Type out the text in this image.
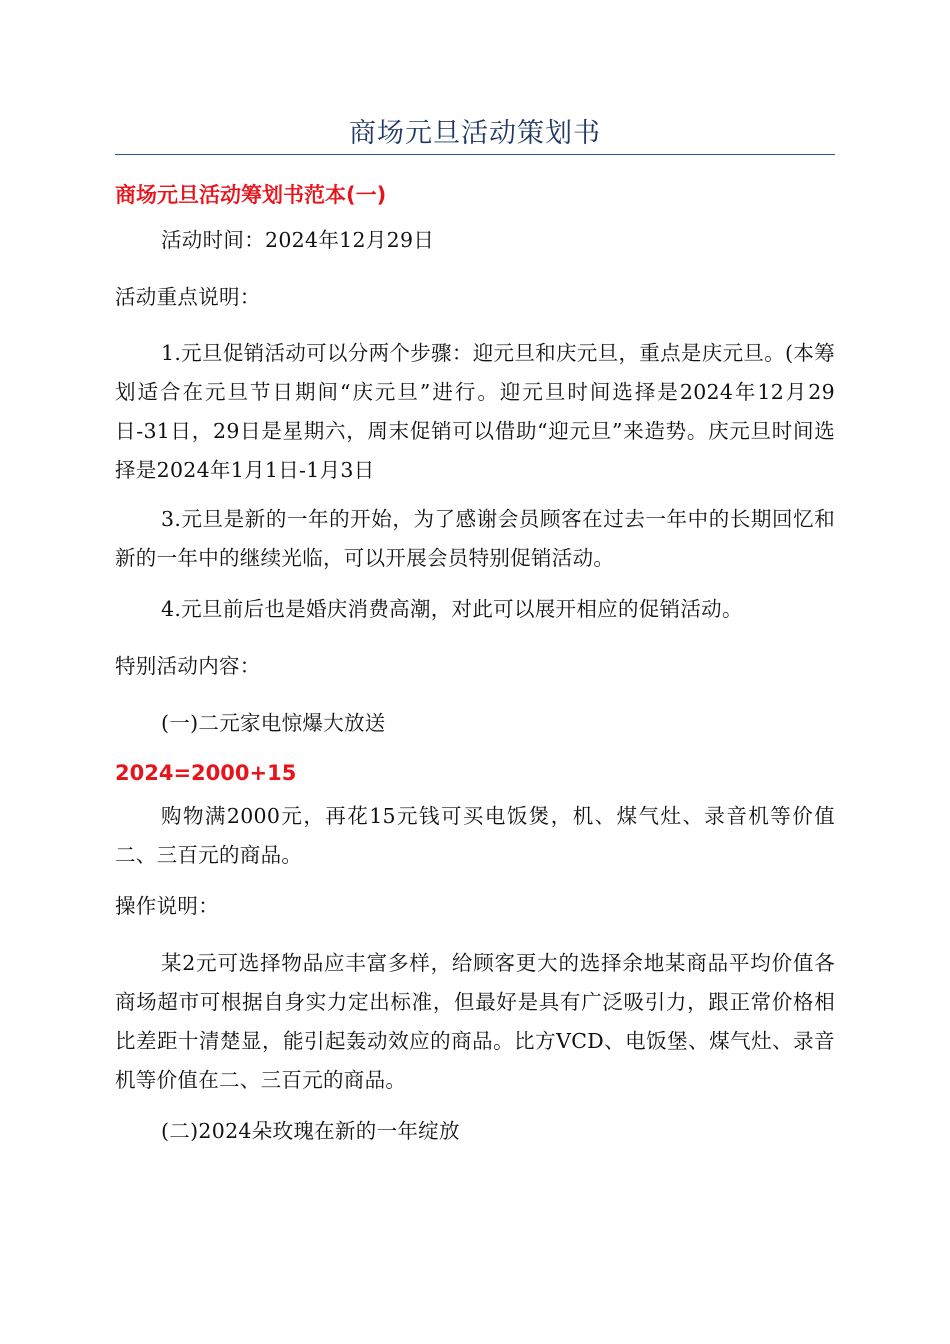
商场元旦活动策划书
商场元旦活动筹划书范本(一)
活动时间：2024年12月29日
活动重点说明：
1.元旦促销活动可以分两个步骤：迎元旦和庆元旦，重点是庆元旦。(本筹划适合在元旦节日期间“庆元旦”进行。迎元旦时间选择是2024年12月29日-31日，29日是星期六，周末促销可以借助“迎元旦”来造势。庆元旦时间选择是2024年1月1日-1月3日
3.元旦是新的一年的开始，为了感谢会员顾客在过去一年中的长期回忆和新的一年中的继续光临，可以开展会员特别促销活动。
4.元旦前后也是婚庆消费高潮，对此可以展开相应的促销活动。
特别活动内容：
(一)二元家电惊爆大放送
2024=2000+15
购物满2000元，再花15元钱可买电饭煲，机、煤气灶、录音机等价值二、三百元的商品。
操作说明：
某2元可选择物品应丰富多样，给顾客更大的选择余地某商品平均价值各商场超市可根据自身实力定出标准，但最好是具有广泛吸引力，跟正常价格相比差距十清楚显，能引起轰动效应的商品。比方VCD、电饭堡、煤气灶、录音机等价值在二、三百元的商品。
(二)2024朵玫瑰在新的一年绽放
